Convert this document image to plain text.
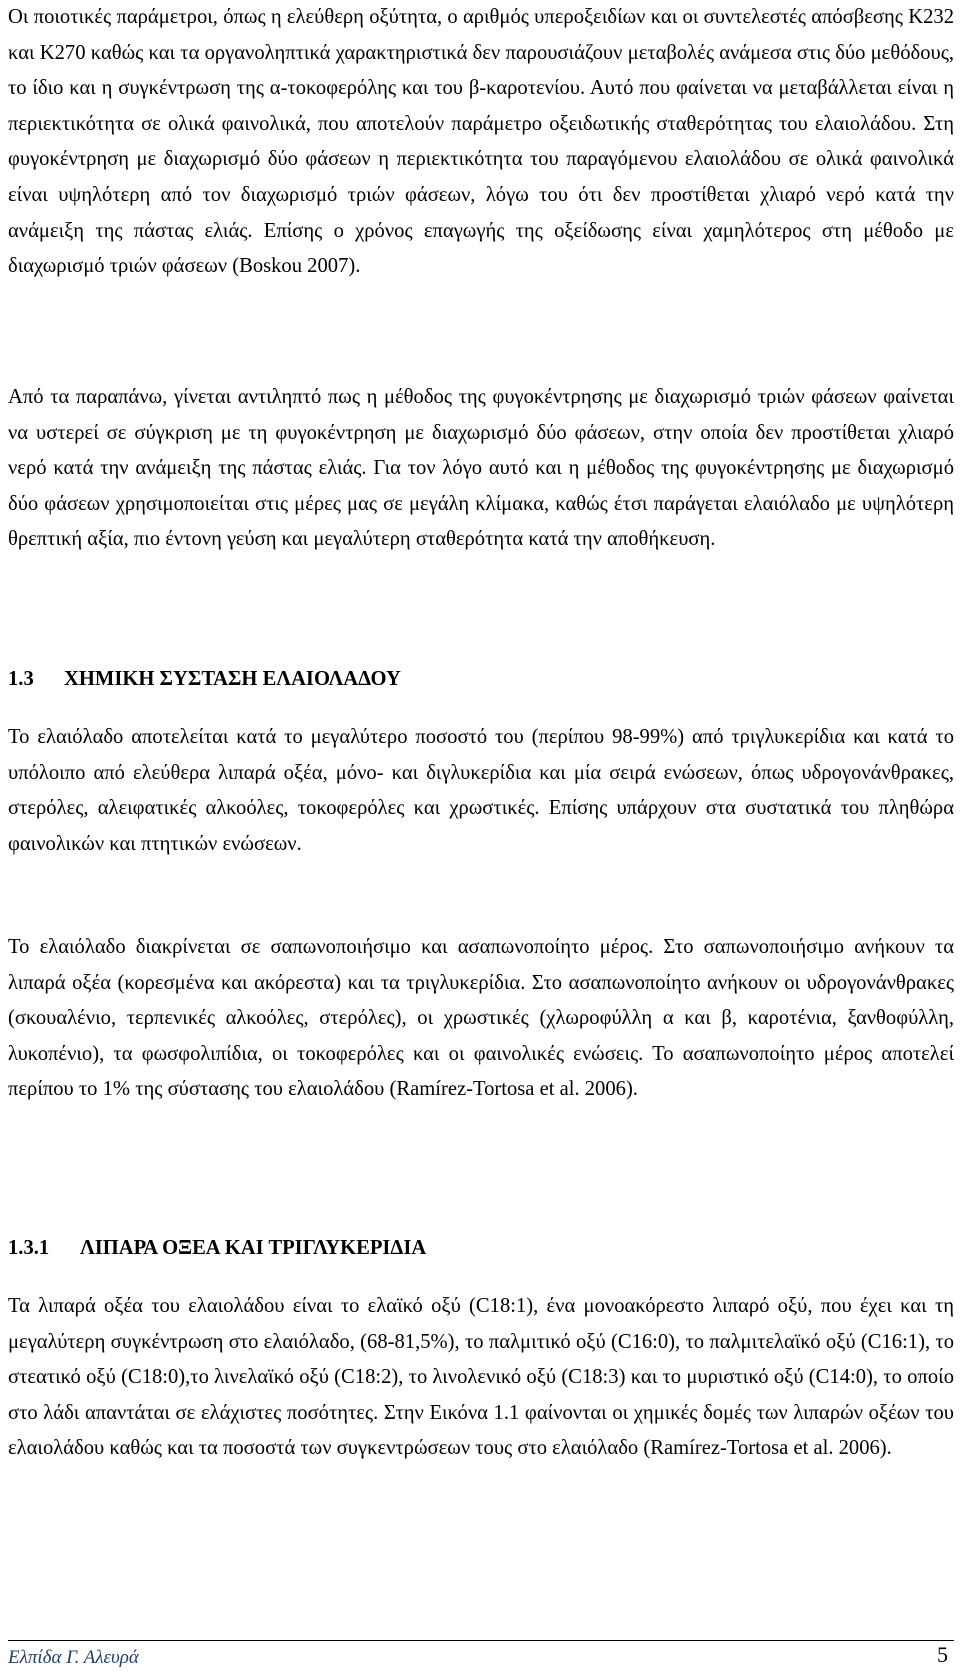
Οι ποιοτικές παράμετροι, όπως η ελεύθερη οξύτητα, ο αριθμός υπεροξειδίων και οι συντελεστές απόσβεσης K232 και K270 καθώς και τα οργανοληπτικά χαρακτηριστικά δεν παρουσιάζουν μεταβολές ανάμεσα στις δύο μεθόδους, το ίδιο και η συγκέντρωση της α-τοκοφερόλης και του β-καροτενίου. Αυτό που φαίνεται να μεταβάλλεται είναι η περιεκτικότητα σε ολικά φαινολικά, που αποτελούν παράμετρο οξειδωτικής σταθερότητας του ελαιολάδου. Στη φυγοκέντρηση με διαχωρισμό δύο φάσεων η περιεκτικότητα του παραγόμενου ελαιολάδου σε ολικά φαινολικά είναι υψηλότερη από τον διαχωρισμό τριών φάσεων, λόγω του ότι δεν προστίθεται χλιαρό νερό κατά την ανάμειξη της πάστας ελιάς. Επίσης ο χρόνος επαγωγής της οξείδωσης είναι χαμηλότερος στη μέθοδο με διαχωρισμό τριών φάσεων (Boskou 2007).

Από τα παραπάνω, γίνεται αντιληπτό πως η μέθοδος της φυγοκέντρησης με διαχωρισμό τριών φάσεων φαίνεται να υστερεί σε σύγκριση με τη φυγοκέντρηση με διαχωρισμό δύο φάσεων, στην οποία δεν προστίθεται χλιαρό νερό κατά την ανάμειξη της πάστας ελιάς. Για τον λόγο αυτό και η μέθοδος της φυγοκέντρησης με διαχωρισμό δύο φάσεων χρησιμοποιείται στις μέρες μας σε μεγάλη κλίμακα, καθώς έτσι παράγεται ελαιόλαδο με υψηλότερη θρεπτική αξία, πιο έντονη γεύση και μεγαλύτερη σταθερότητα κατά την αποθήκευση.

1.3 ΧΗΜΙΚΗ ΣΥΣΤΑΣΗ ΕΛΑΙΟΛΑΔΟΥ

Το ελαιόλαδο αποτελείται κατά το μεγαλύτερο ποσοστό του (περίπου 98-99%) από τριγλυκερίδια και κατά το υπόλοιπο από ελεύθερα λιπαρά οξέα, μόνο- και διγλυκερίδια και μία σειρά ενώσεων, όπως υδρογονάνθρακες, στερόλες, αλειφατικές αλκοόλες, τοκοφερόλες και χρωστικές. Επίσης υπάρχουν στα συστατικά του πληθώρα φαινολικών και πτητικών ενώσεων.

Το ελαιόλαδο διακρίνεται σε σαπωνοποιήσιμο και ασαπωνοποίητο μέρος. Στο σαπωνοποιήσιμο ανήκουν τα λιπαρά οξέα (κορεσμένα και ακόρεστα) και τα τριγλυκερίδια. Στο ασαπωνοποίητο ανήκουν οι υδρογονάνθρακες (σκουαλένιο, τερπενικές αλκοόλες, στερόλες), οι χρωστικές (χλωροφύλλη α και β, καροτένια, ξανθοφύλλη, λυκοπένιο), τα φωσφολιπίδια, οι τοκοφερόλες και οι φαινολικές ενώσεις. Το ασαπωνοποίητο μέρος αποτελεί περίπου το 1% της σύστασης του ελαιολάδου (Ramírez-Tortosa et al. 2006).

1.3.1 ΛΙΠΑΡΑ ΟΞΕΑ ΚΑΙ ΤΡΙΓΛΥΚΕΡΙΔΙΑ

Τα λιπαρά οξέα του ελαιολάδου είναι το ελαϊκό οξύ (C18:1), ένα μονοακόρεστο λιπαρό οξύ, που έχει και τη μεγαλύτερη συγκέντρωση στο ελαιόλαδο, (68-81,5%), το παλμιτικό οξύ (C16:0), το παλμιτελαϊκό οξύ (C16:1), το στεατικό οξύ (C18:0),το λινελαϊκό οξύ (C18:2), το λινολενικό οξύ (C18:3) και το μυριστικό οξύ (C14:0), το οποίο στο λάδι απαντάται σε ελάχιστες ποσότητες. Στην Εικόνα 1.1 φαίνονται οι χημικές δομές των λιπαρών οξέων του ελαιολάδου καθώς και τα ποσοστά των συγκεντρώσεων τους στο ελαιόλαδο (Ramírez-Tortosa et al. 2006).

Ελπίδα Γ. Αλευρά	5
